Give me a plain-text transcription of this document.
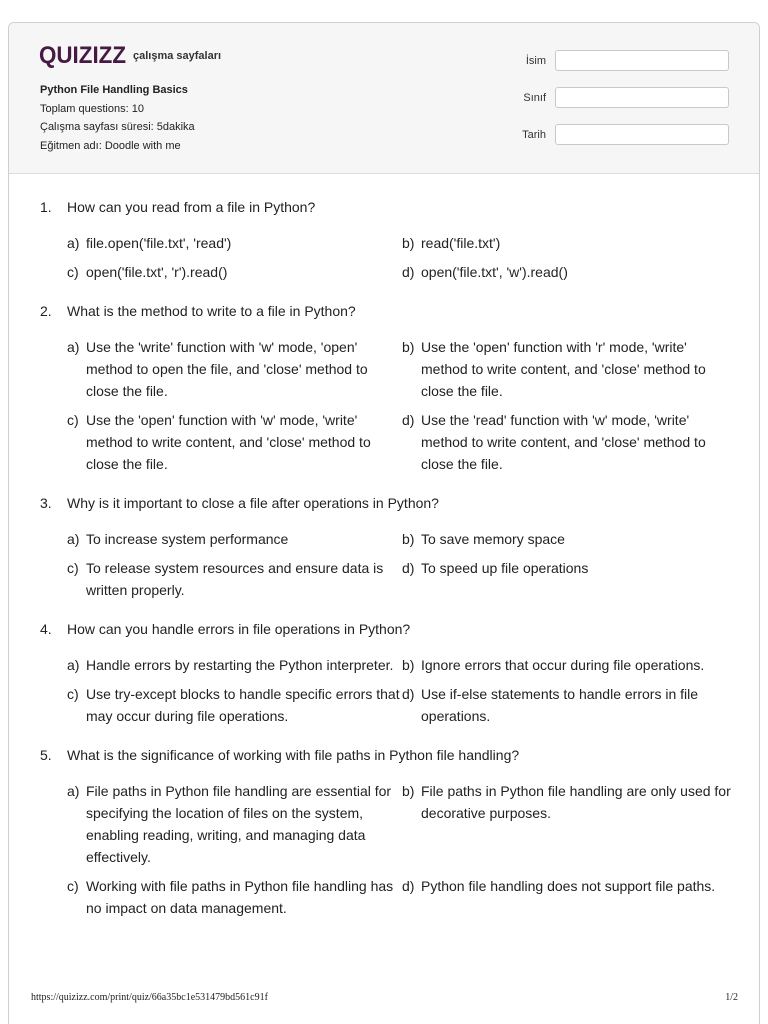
QUIZIZZ çalışma sayfaları
Python File Handling Basics
Toplam questions: 10
Çalışma sayfası süresi: 5dakika
Eğitmen adı: Doodle with me
İsim
Sınıf
Tarih
1.	How can you read from a file in Python?
a) file.open('file.txt', 'read')	b) read('file.txt')
c) open('file.txt', 'r').read()	d) open('file.txt', 'w').read()
2.	What is the method to write to a file in Python?
a) Use the 'write' function with 'w' mode, 'open' method to open the file, and 'close' method to close the file.
b) Use the 'open' function with 'r' mode, 'write' method to write content, and 'close' method to close the file.
c) Use the 'open' function with 'w' mode, 'write' method to write content, and 'close' method to close the file.
d) Use the 'read' function with 'w' mode, 'write' method to write content, and 'close' method to close the file.
3.	Why is it important to close a file after operations in Python?
a) To increase system performance	b) To save memory space
c) To release system resources and ensure data is written properly.
d) To speed up file operations
4.	How can you handle errors in file operations in Python?
a) Handle errors by restarting the Python interpreter. b) Ignore errors that occur during file operations.
c) Use try-except blocks to handle specific errors that may occur during file operations.
d) Use if-else statements to handle errors in file operations.
5.	What is the significance of working with file paths in Python file handling?
a) File paths in Python file handling are essential for specifying the location of files on the system, enabling reading, writing, and managing data effectively.
b) File paths in Python file handling are only used for decorative purposes.
c) Working with file paths in Python file handling has no impact on data management.
d) Python file handling does not support file paths.
https://quizizz.com/print/quiz/66a35bc1e531479bd561c91f	1/2
